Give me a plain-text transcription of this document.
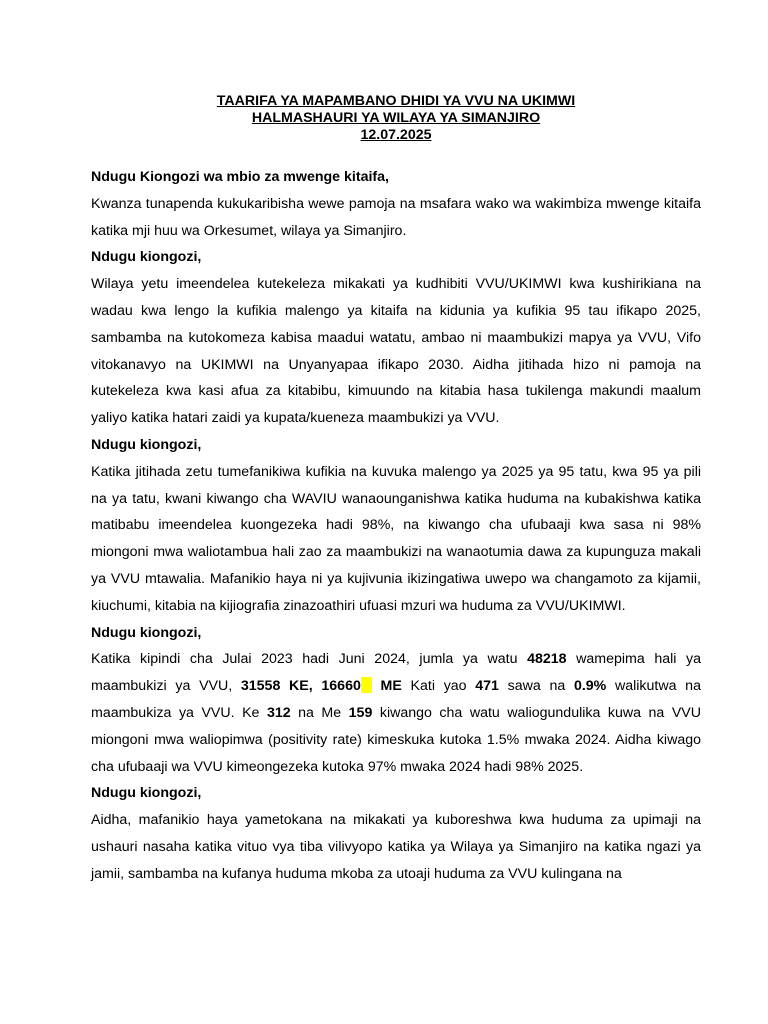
TAARIFA YA MAPAMBANO DHIDI YA VVU NA UKIMWI
HALMASHAURI YA WILAYA YA SIMANJIRO
12.07.2025
Ndugu Kiongozi wa mbio za mwenge kitaifa,
Kwanza tunapenda kukukaribisha wewe pamoja na msafara wako wa wakimbiza mwenge kitaifa katika mji huu wa Orkesumet, wilaya ya Simanjiro.
Ndugu kiongozi,
Wilaya yetu imeendelea kutekeleza mikakati ya kudhibiti VVU/UKIMWI kwa kushirikiana na wadau kwa lengo la kufikia malengo ya kitaifa na kidunia ya kufikia 95 tau ifikapo 2025, sambamba na kutokomeza kabisa maadui watatu, ambao ni maambukizi mapya ya VVU, Vifo vitokanavyo na UKIMWI na Unyanyapaa ifikapo 2030. Aidha jitihada hizo ni pamoja na kutekeleza kwa kasi afua za kitabibu, kimuundo na kitabia hasa tukilenga makundi maalum yaliyo katika hatari zaidi ya kupata/kueneza maambukizi ya VVU.
Ndugu kiongozi,
Katika jitihada zetu tumefanikiwa kufikia na kuvuka malengo ya 2025 ya 95 tatu, kwa 95 ya pili na ya tatu, kwani kiwango cha WAVIU wanaounganishwa katika huduma na kubakishwa katika matibabu imeendelea kuongezeka hadi 98%, na kiwango cha ufubaaji kwa sasa ni 98% miongoni mwa waliotambua hali zao za maambukizi na wanaotumia dawa za kupunguza makali ya VVU mtawalia. Mafanikio haya ni ya kujivunia ikizingatiwa uwepo wa changamoto za kijamii, kiuchumi, kitabia na kijiografia zinazoathiri ufuasi mzuri wa huduma za VVU/UKIMWI.
Ndugu kiongozi,
Katika kipindi cha Julai 2023 hadi Juni 2024, jumla ya watu 48218 wamepima hali ya maambukizi ya VVU, 31558 KE, 16660 ME Kati yao 471 sawa na 0.9% walikutwa na maambukiza ya VVU. Ke 312 na Me 159 kiwango cha watu waliogundulika kuwa na VVU miongoni mwa waliopimwa (positivity rate) kimeskuka kutoka 1.5% mwaka 2024. Aidha kiwago cha ufubaaji wa VVU kimeongezeka kutoka 97% mwaka 2024 hadi 98% 2025.
Ndugu kiongozi,
Aidha, mafanikio haya yametokana na mikakati ya kuboreshwa kwa huduma za upimaji na ushauri nasaha katika vituo vya tiba vilivyopo katika ya Wilaya ya Simanjiro na katika ngazi ya jamii, sambamba na kufanya huduma mkoba za utoaji huduma za VVU kulingana na
